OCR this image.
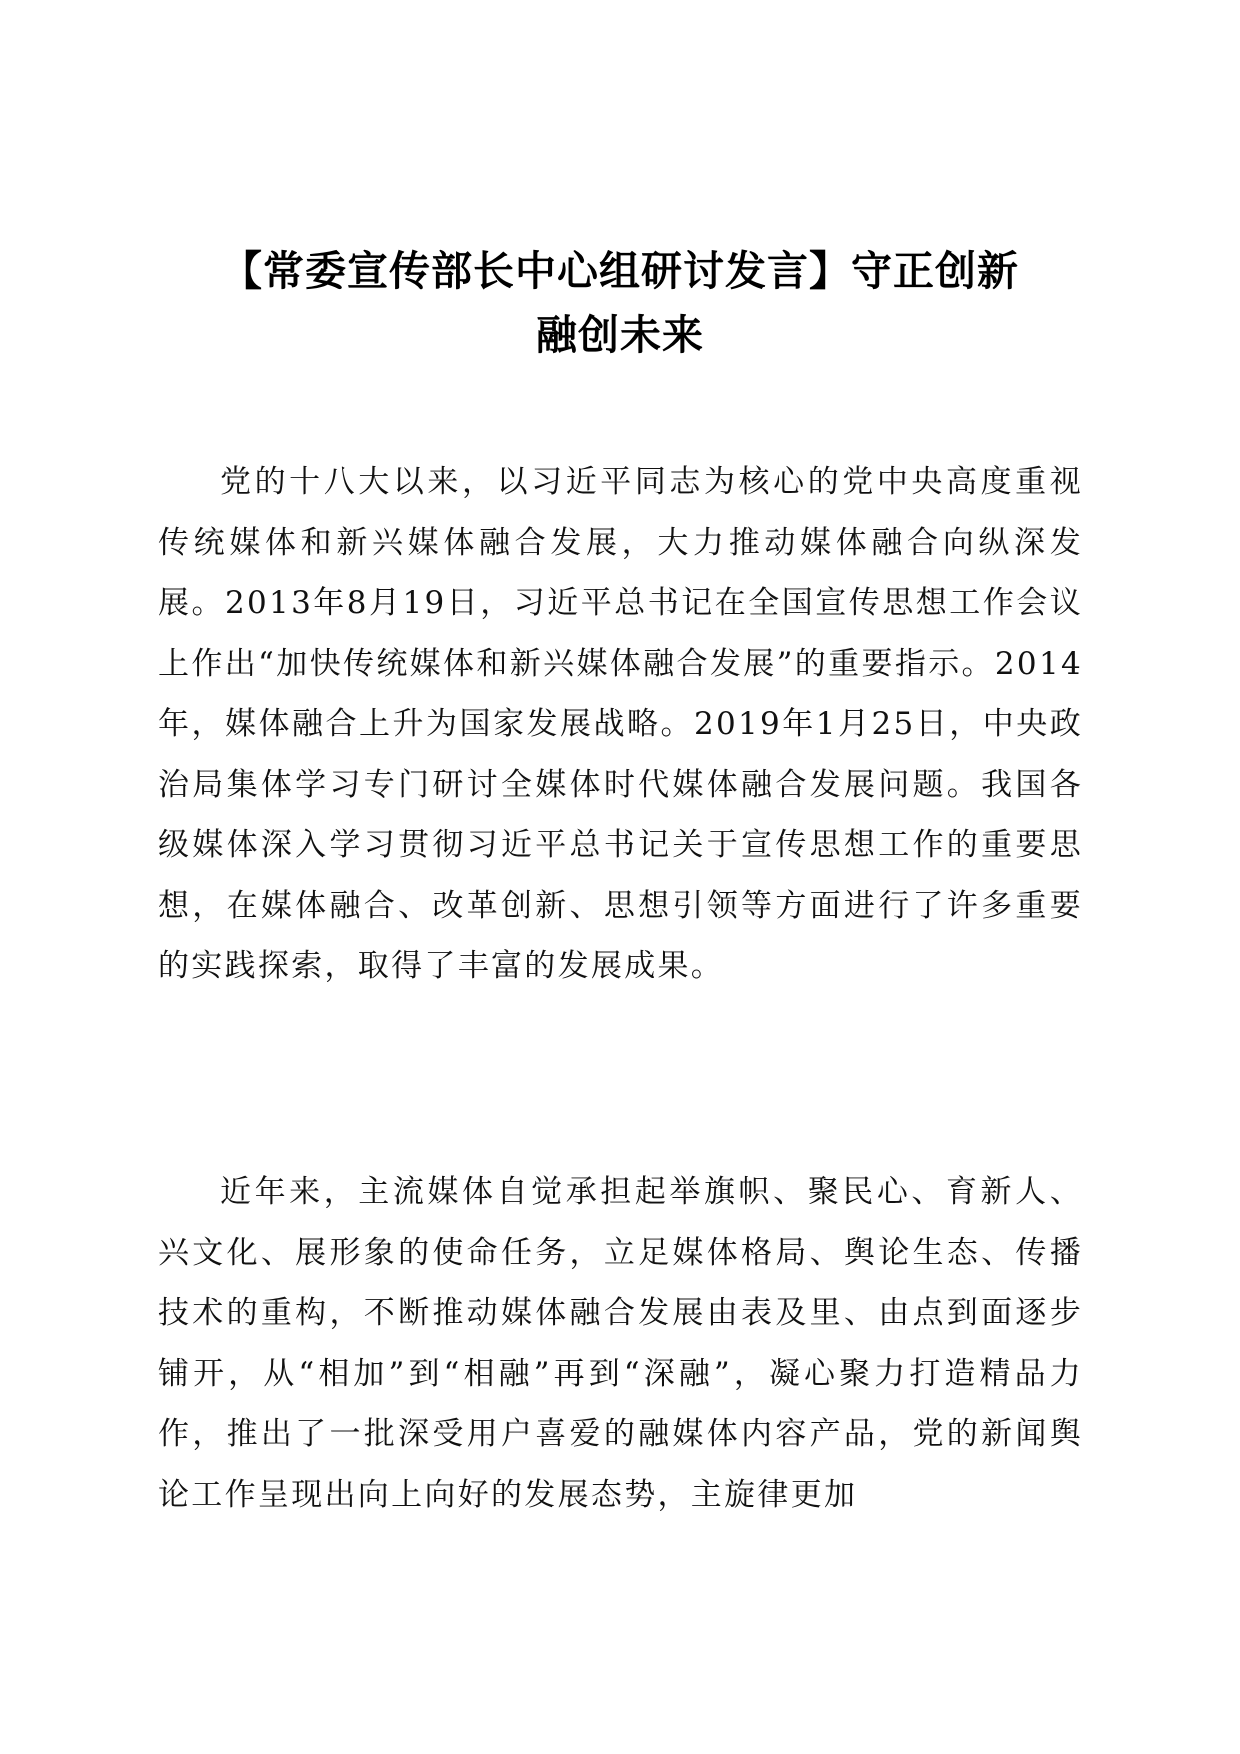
【常委宣传部长中心组研讨发言】守正创新
融创未来

党的十八大以来，以习近平同志为核心的党中央高度重视传统媒体和新兴媒体融合发展，大力推动媒体融合向纵深发展。2013年8月19日，习近平总书记在全国宣传思想工作会议上作出“加快传统媒体和新兴媒体融合发展”的重要指示。2014年，媒体融合上升为国家发展战略。2019年1月25日，中央政治局集体学习专门研讨全媒体时代媒体融合发展问题。我国各级媒体深入学习贯彻习近平总书记关于宣传思想工作的重要思想，在媒体融合、改革创新、思想引领等方面进行了许多重要的实践探索，取得了丰富的发展成果。

近年来，主流媒体自觉承担起举旗帜、聚民心、育新人、兴文化、展形象的使命任务，立足媒体格局、舆论生态、传播技术的重构，不断推动媒体融合发展由表及里、由点到面逐步铺开，从“相加”到“相融”再到“深融”，凝心聚力打造精品力作，推出了一批深受用户喜爱的融媒体内容产品，党的新闻舆论工作呈现出向上向好的发展态势，主旋律更加
